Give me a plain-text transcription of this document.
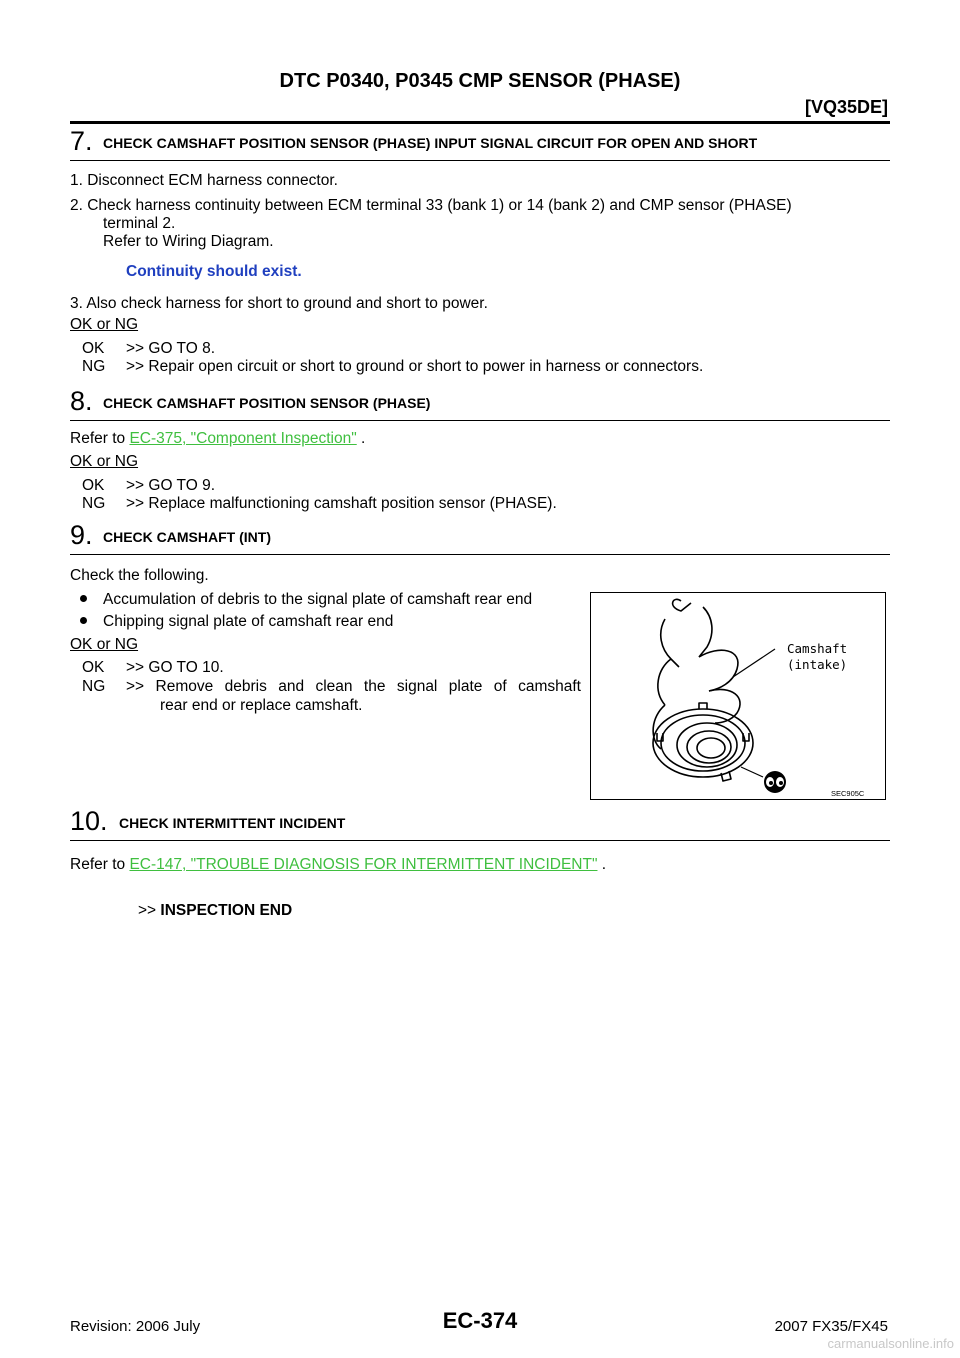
DTC P0340, P0345 CMP SENSOR (PHASE)
[VQ35DE]
7. CHECK CAMSHAFT POSITION SENSOR (PHASE) INPUT SIGNAL CIRCUIT FOR OPEN AND SHORT
1. Disconnect ECM harness connector.
2. Check harness continuity between ECM terminal 33 (bank 1) or 14 (bank 2) and CMP sensor (PHASE)
terminal 2.
Refer to Wiring Diagram.
Continuity should exist.
3. Also check harness for short to ground and short to power.
OK or NG
OK >> GO TO 8.
NG >> Repair open circuit or short to ground or short to power in harness or connectors.
8. CHECK CAMSHAFT POSITION SENSOR (PHASE)
Refer to EC-375, "Component Inspection" .
OK or NG
OK >> GO TO 9.
NG >> Replace malfunctioning camshaft position sensor (PHASE).
9. CHECK CAMSHAFT (INT)
Check the following.
Accumulation of debris to the signal plate of camshaft rear end
Chipping signal plate of camshaft rear end
OK or NG
OK >> GO TO 10.
NG >> Remove debris and clean the signal plate of camshaft
rear end or replace camshaft.
Camshaft
(intake)
SEC905C
10. CHECK INTERMITTENT INCIDENT
Refer to EC-147, "TROUBLE DIAGNOSIS FOR INTERMITTENT INCIDENT" .
>> INSPECTION END
Revision: 2006 July	EC-374	2007 FX35/FX45
carmanualsonline.info
